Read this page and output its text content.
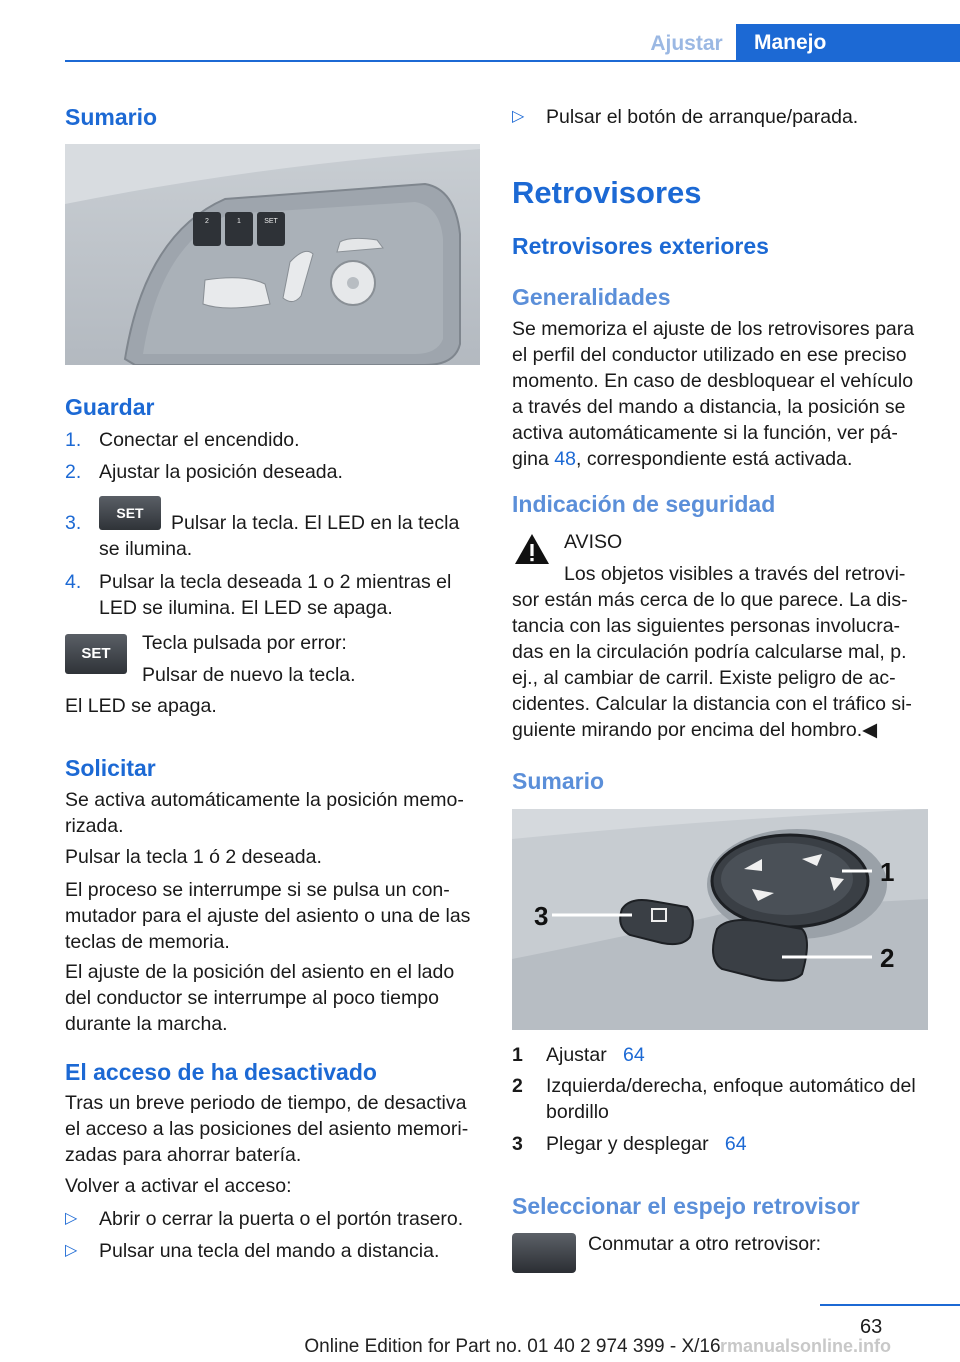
Ajustar	Manejo
Sumario
2	1	SET
Guardar
1. Conectar el encendido.
2. Ajustar la posición deseada.
3.	SET	Pulsar la tecla. El LED en la tecla se ilumina.
4. Pulsar la tecla deseada 1 o 2 mientras el LED se ilumina. El LED se apaga.
SET	Tecla pulsada por error:
Pulsar de nuevo la tecla.
El LED se apaga.
Solicitar
Se activa automáticamente la posición memo‐rizada.
Pulsar la tecla 1 ó 2 deseada.
El proceso se interrumpe si se pulsa un con‐mutador para el ajuste del asiento o una de las teclas de memoria.
El ajuste de la posición del asiento en el lado del conductor se interrumpe al poco tiempo durante la marcha.
El acceso de ha desactivado
Tras un breve periodo de tiempo, de desactiva el acceso a las posiciones del asiento memori‐zadas para ahorrar batería.
Volver a activar el acceso:
▷ Abrir o cerrar la puerta o el portón trasero.
▷ Pulsar una tecla del mando a distancia.
▷ Pulsar el botón de arranque/parada.
Retrovisores
Retrovisores exteriores
Generalidades
Se memoriza el ajuste de los retrovisores para el perfil del conductor utilizado en ese preciso momento. En caso de desbloquear el vehículo a través del mando a distancia, la posición se activa automáticamente si la función, ver pá‐gina 48, correspondiente está activada.
Indicación de seguridad
AVISO
Los objetos visibles a través del retrovi‐sor están más cerca de lo que parece. La dis‐tancia con las siguientes personas involucra‐das en la circulación podría calcularse mal, p. ej., al cambiar de carril. Existe peligro de ac‐cidentes. Calcular la distancia con el tráfico si‐guiente mirando por encima del hombro.◀
Sumario
1
2
3
1 Ajustar 64
2 Izquierda/derecha, enfoque automático del bordillo
3 Plegar y desplegar 64
Seleccionar el espejo retrovisor
Conmutar a otro retrovisor:
63
Online Edition for Part no. 01 40 2 974 399 - X/16 rmanualsonline.info
